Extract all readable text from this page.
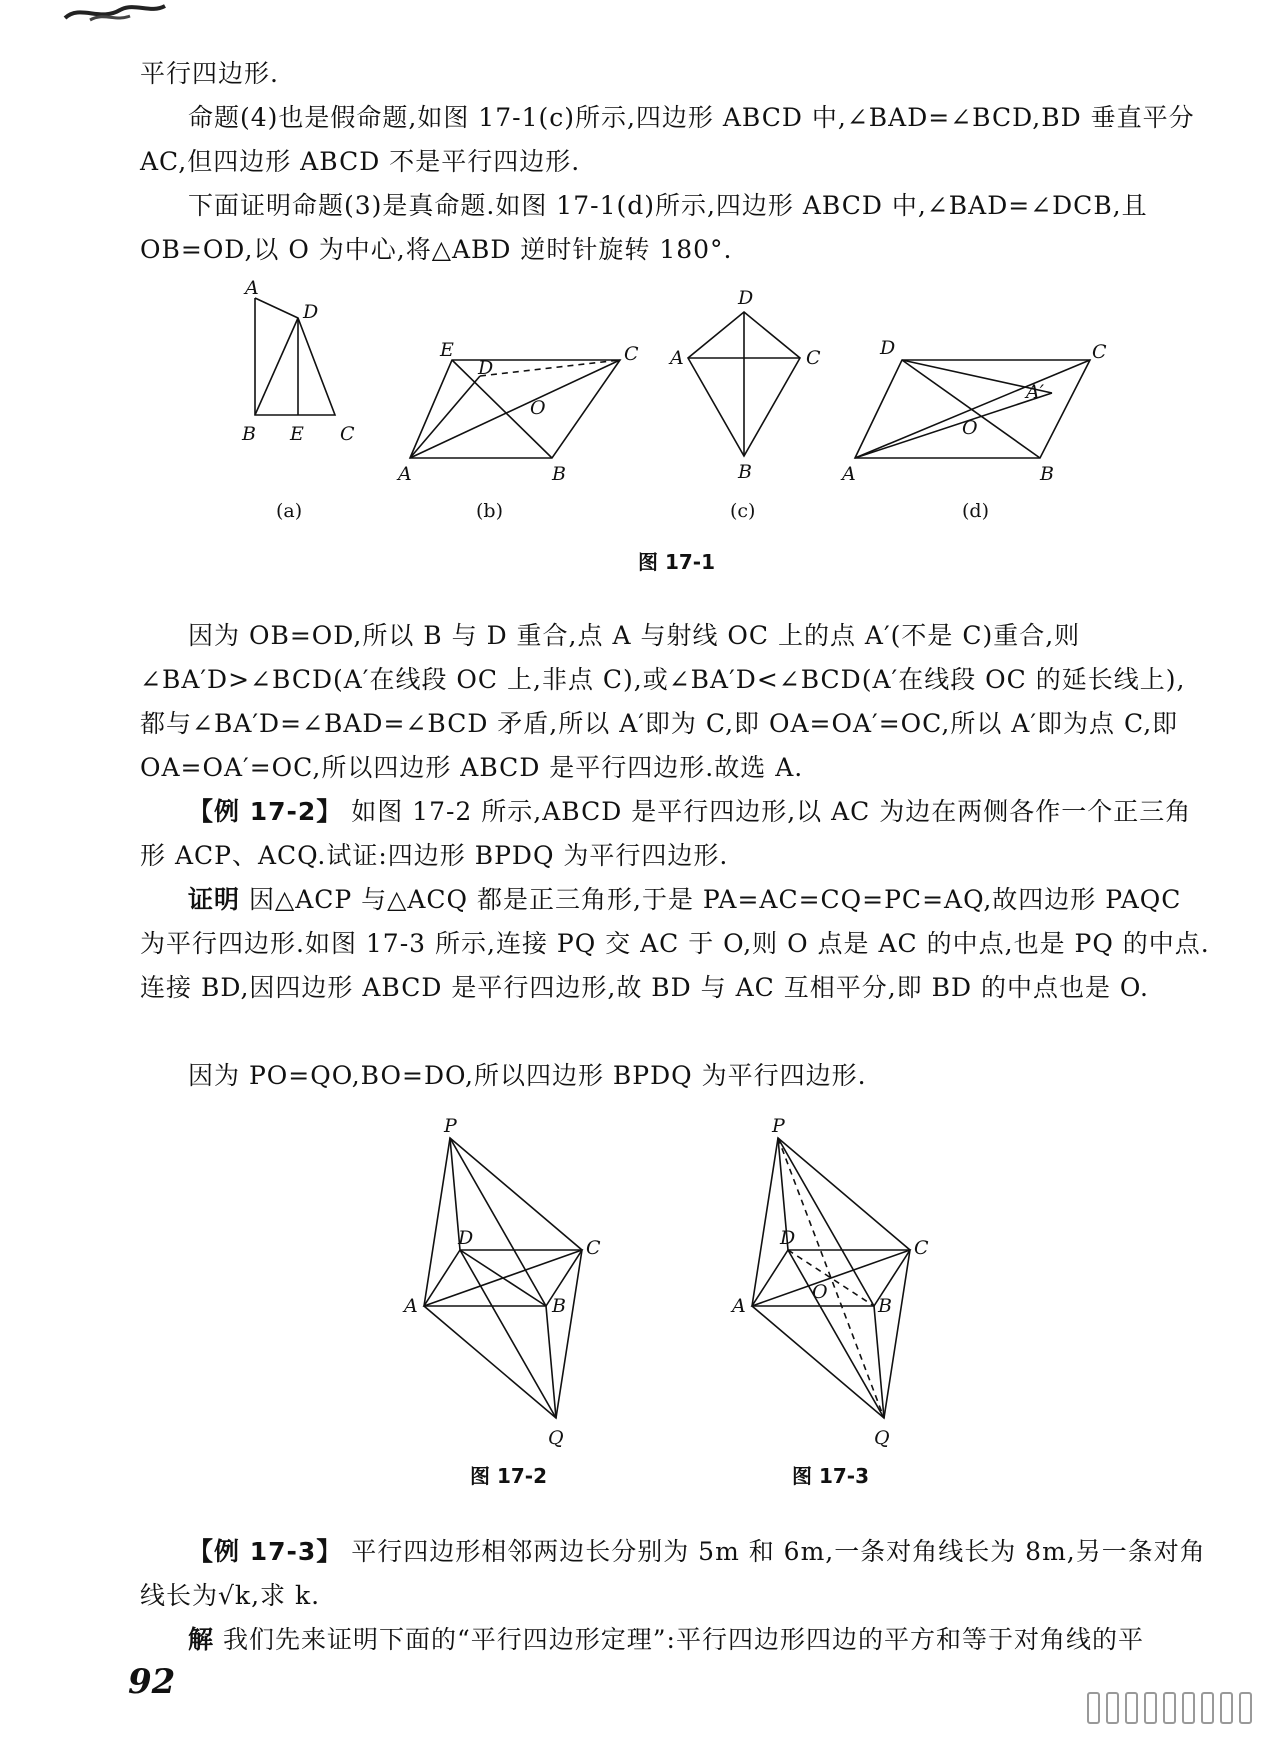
平行四边形.
命题(4)也是假命题,如图 17-1(c)所示,四边形 ABCD 中,∠BAD=∠BCD,BD 垂直平分 AC,但四边形 ABCD 不是平行四边形.
下面证明命题(3)是真命题.如图 17-1(d)所示,四边形 ABCD 中,∠BAD=∠DCB,且 OB=OD,以 O 为中心,将△ABD 逆时针旋转 180°.
A
D
B E C
(a)
E
D
C
O
A	B
(b)
D
A	C
B
(c)
D	C
A′
O
A	B
(d)
图 17-1
因为 OB=OD,所以 B 与 D 重合,点 A 与射线 OC 上的点 A′(不是 C)重合,则∠BA′D>∠BCD(A′在线段 OC 上,非点 C),或∠BA′D<∠BCD(A′在线段 OC 的延长线上),都与∠BA′D=∠BAD=∠BCD 矛盾,所以 A′即为 C,即 OA=OA′=OC,所以 A′即为点 C,即 OA=OA′=OC,所以四边形 ABCD 是平行四边形.故选 A.
【例 17-2】 如图 17-2 所示,ABCD 是平行四边形,以 AC 为边在两侧各作一个正三角形 ACP、ACQ.试证:四边形 BPDQ 为平行四边形.
证明 因△ACP 与△ACQ 都是正三角形,于是 PA=AC=CQ=PC=AQ,故四边形 PAQC 为平行四边形.如图 17-3 所示,连接 PQ 交 AC 于 O,则 O 点是 AC 的中点,也是 PQ 的中点.连接 BD,因四边形 ABCD 是平行四边形,故 BD 与 AC 互相平分,即 BD 的中点也是 O.
因为 PO=QO,BO=DO,所以四边形 BPDQ 为平行四边形.
P
D	C
A	B
Q
图 17-2
P
D	C
O
A	B
Q
图 17-3
【例 17-3】 平行四边形相邻两边长分别为 5m 和 6m,一条对角线长为 8m,另一条对角线长为√k,求 k.
解 我们先来证明下面的“平行四边形定理”:平行四边形四边的平方和等于对角线的平
92
